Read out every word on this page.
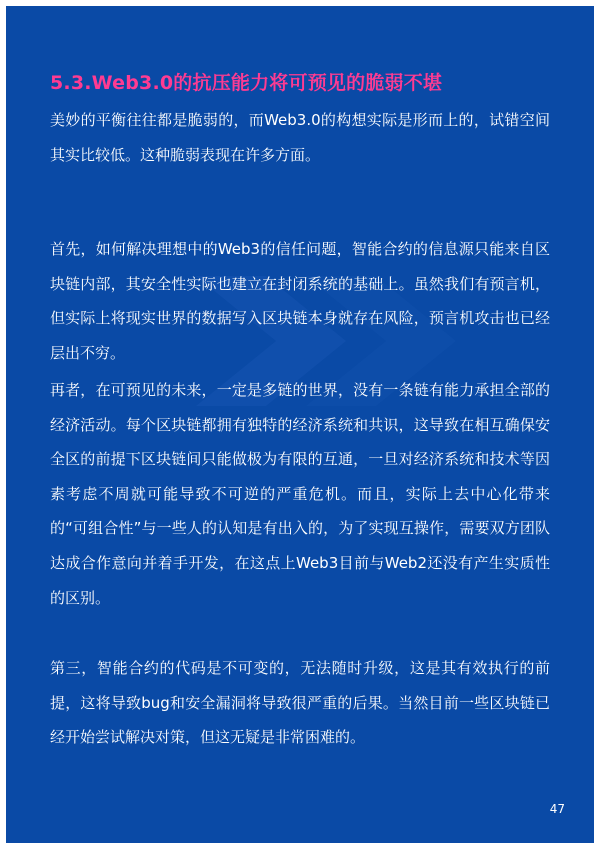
5.3.Web3.0的抗压能力将可预见的脆弱不堪

美妙的平衡往往都是脆弱的，而Web3.0的构想实际是形而上的，试错空间其实比较低。这种脆弱表现在许多方面。

首先，如何解决理想中的Web3的信任问题，智能合约的信息源只能来自区块链内部，其安全性实际也建立在封闭系统的基础上。虽然我们有预言机，但实际上将现实世界的数据写入区块链本身就存在风险，预言机攻击也已经层出不穷。

再者，在可预见的未来，一定是多链的世界，没有一条链有能力承担全部的经济活动。每个区块链都拥有独特的经济系统和共识，这导致在相互确保安全区的前提下区块链间只能做极为有限的互通，一旦对经济系统和技术等因素考虑不周就可能导致不可逆的严重危机。而且，实际上去中心化带来的“可组合性”与一些人的认知是有出入的，为了实现互操作，需要双方团队达成合作意向并着手开发，在这点上Web3目前与Web2还没有产生实质性的区别。

第三，智能合约的代码是不可变的，无法随时升级，这是其有效执行的前提，这将导致bug和安全漏洞将导致很严重的后果。当然目前一些区块链已经开始尝试解决对策，但这无疑是非常困难的。

47
